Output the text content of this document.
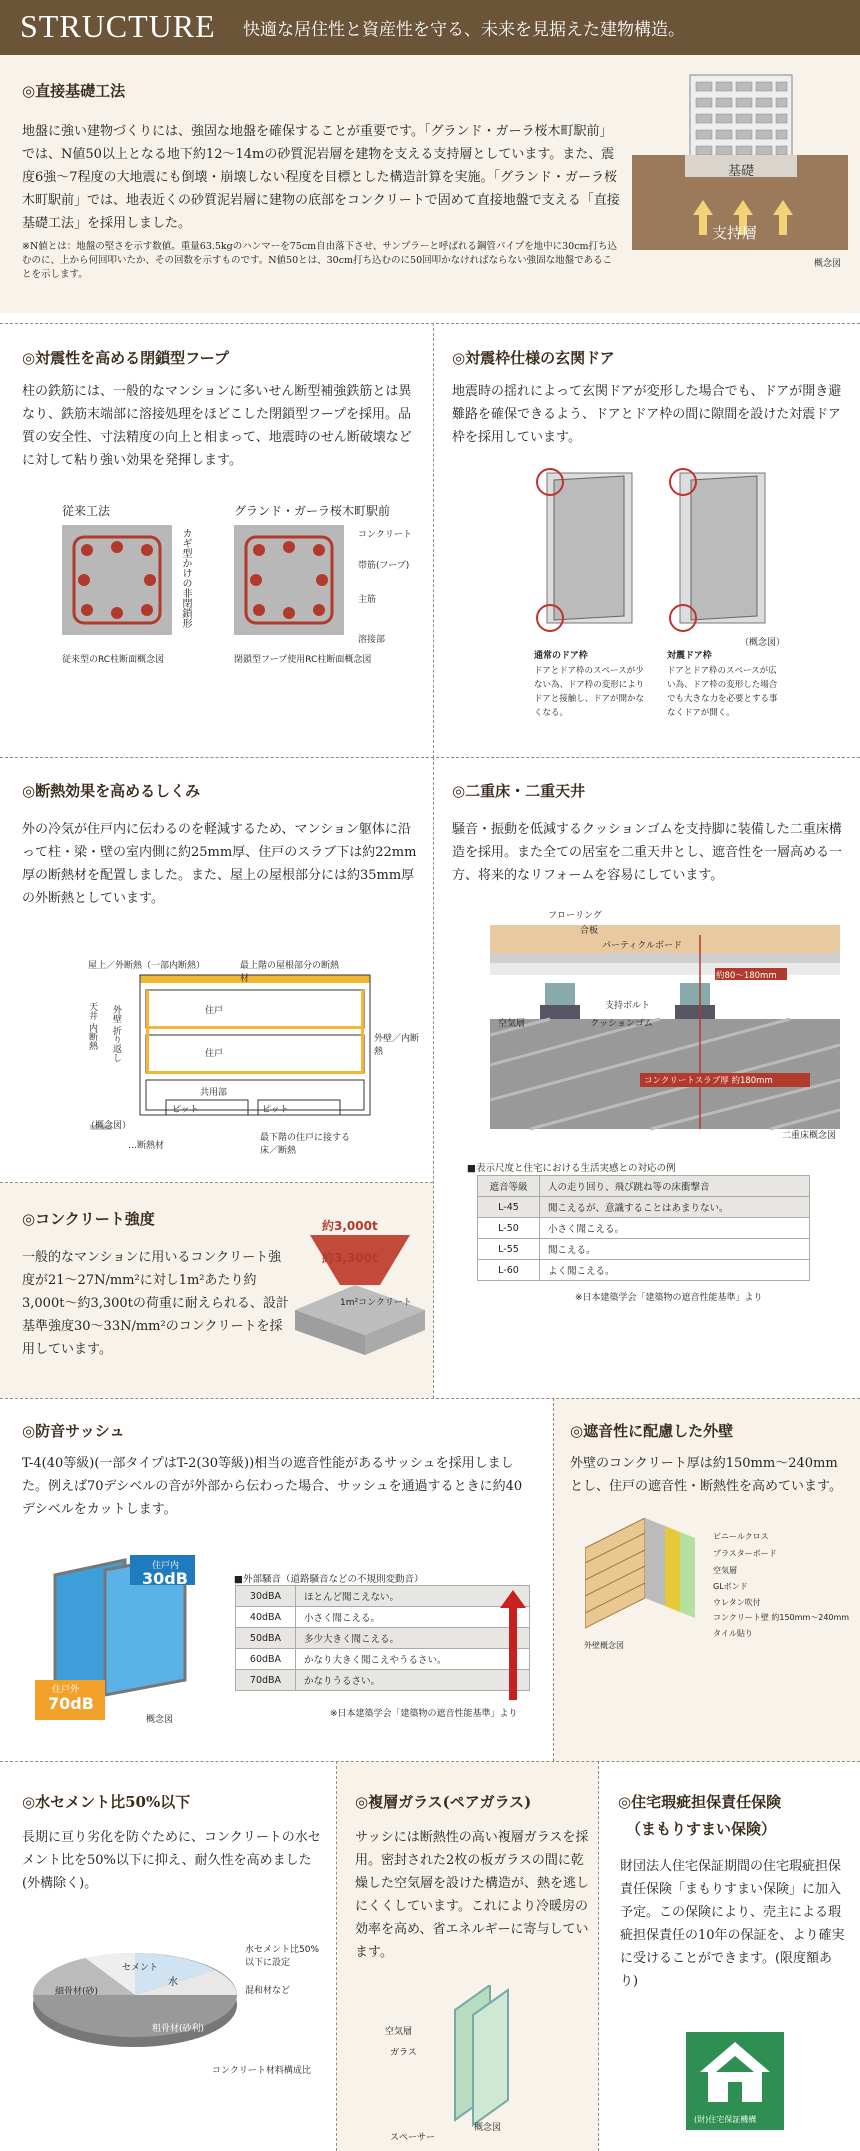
STRUCTURE 快適な居住性と資産性を守る、未来を見据えた建物構造。
◎直接基礎工法
地盤に強い建物づくりには、強固な地盤を確保することが重要です。「グランド・ガーラ桜木町駅前」では、N値50以上となる地下約12〜14mの砂質泥岩層を建物を支える支持層としています。また、震度6強〜7程度の大地震にも倒壊・崩壊しない程度を目標とした構造計算を実施。「グランド・ガーラ桜木町駅前」では、地表近くの砂質泥岩層に建物の底部をコンクリートで固めて直接地盤で支える「直接基礎工法」を採用しました。
※N値とは：地盤の堅さを示す数値。重量63.5kgのハンマーを75cm自由落下させ、サンプラーと呼ばれる鋼管パイプを地中に30cm打ち込むのに、上から何回叩いたか、その回数を示すものです。N値50とは、30cm打ち込むのに50回叩かなければならない強固な地盤であることを示します。
基礎
支持層
概念図
◎対震性を高める閉鎖型フープ
柱の鉄筋には、一般的なマンションに多いせん断型補強鉄筋とは異なり、鉄筋末端部に溶接処理をほどこした閉鎖型フープを採用。品質の安全性、寸法精度の向上と相まって、地震時のせん断破壊などに対して粘り強い効果を発揮します。
従来工法	グランド・ガーラ桜木町駅前
カギ型かけの非閉鎖形	コンクリート
帯筋(フープ)
主筋
溶接部
従来型のRC柱断面概念図	閉鎖型フープ使用RC柱断面概念図
◎対震枠仕様の玄関ドア
地震時の揺れによって玄関ドアが変形した場合でも、ドアが開き避難路を確保できるよう、ドアとドア枠の間に隙間を設けた対震ドア枠を採用しています。
（概念図）
通常のドア枠
ドアとドア枠のスペースが少ない為、ドア枠の変形によりドアと接触し、ドアが開かなくなる。
対震ドア枠
ドアとドア枠のスペースが広い為、ドア枠の変形した場合でも大きな力を必要とする事なくドアが開く。
◎断熱効果を高めるしくみ
外の冷気が住戸内に伝わるのを軽減するため、マンション躯体に沿って柱・梁・壁の室内側に約25mm厚、住戸のスラブ下は約22mm厚の断熱材を配置しました。また、屋上の屋根部分には約35mm厚の外断熱としています。
屋上／外断熱（一部内断熱）	最上階の屋根部分の断熱材
天井 内断熱 外壁 折り返し	住戸
住戸
外壁／内断熱
共用部
ピット	ピット
（概念図）
…断熱材
最下階の住戸に接する床／断熱
◎コンクリート強度
一般的なマンションに用いるコンクリート強度が21〜27N/mm²に対し1m²あたり約3,000t〜約3,300tの荷重に耐えられる、設計基準強度30〜33N/mm²のコンクリートを採用しています。
約3,000t
約3,300t
1m²コンクリート
◎二重床・二重天井
騒音・振動を低減するクッションゴムを支持脚に装備した二重床構造を採用。また全ての居室を二重天井とし、遮音性を一層高める一方、将来的なリフォームを容易にしています。
フローリング
合板
パーティクルボード
支持ボルト
クッションゴム
空気層
約80〜180mm
コンクリートスラブ厚 約180mm
二重床概念図
■表示尺度と住宅における生活実感との対応の例
遮音等級	人の走り回り、飛び跳ね等の床衝撃音
L-45	聞こえるが、意識することはあまりない。
L-50	小さく聞こえる。
L-55	聞こえる。
L-60	よく聞こえる。
※日本建築学会「建築物の遮音性能基準」より
◎防音サッシュ
T-4(40等級)(一部タイプはT-2(30等級))相当の遮音性能があるサッシュを採用しました。例えば70デシベルの音が外部から伝わった場合、サッシュを通過するときに約40デシベルをカットします。
住戸内
30dB
住戸外
70dB
概念図
■外部騒音（道路騒音などの不規則変動音）
30dBA	ほとんど聞こえない。
40dBA	小さく聞こえる。
50dBA	多少大きく聞こえる。
60dBA	かなり大きく聞こえやうるさい。
70dBA	かなりうるさい。
※日本建築学会「建築物の遮音性能基準」より
◎遮音性に配慮した外壁
外壁のコンクリート厚は約150mm〜240mmとし、住戸の遮音性・断熱性を高めています。
ビニールクロス
プラスターボード
空気層
GLボンド
ウレタン吹付
コンクリート壁 約150mm〜240mm
タイル貼り
外壁概念図
◎水セメント比50%以下
長期に亘り劣化を防ぐために、コンクリートの水セメント比を50%以下に抑え、耐久性を高めました(外構除く)。
セメント
水
細骨材(砂)
粗骨材(砂利)
水セメント比50%以下に設定
混和材など
コンクリート材料構成比
◎複層ガラス(ペアガラス)
サッシには断熱性の高い複層ガラスを採用。密封された2枚の板ガラスの間に乾燥した空気層を設けた構造が、熱を逃しにくくしています。これにより冷暖房の効率を高め、省エネルギーに寄与しています。
空気層
ガラス
スペーサー
概念図
◎住宅瑕疵担保責任保険
（まもりすまい保険）
財団法人住宅保証期間の住宅瑕疵担保責任保険「まもりすまい保険」に加入予定。この保険により、売主による瑕疵担保責任の10年の保証を、より確実に受けることができます。(限度額あり)
(財)住宅保証機構
